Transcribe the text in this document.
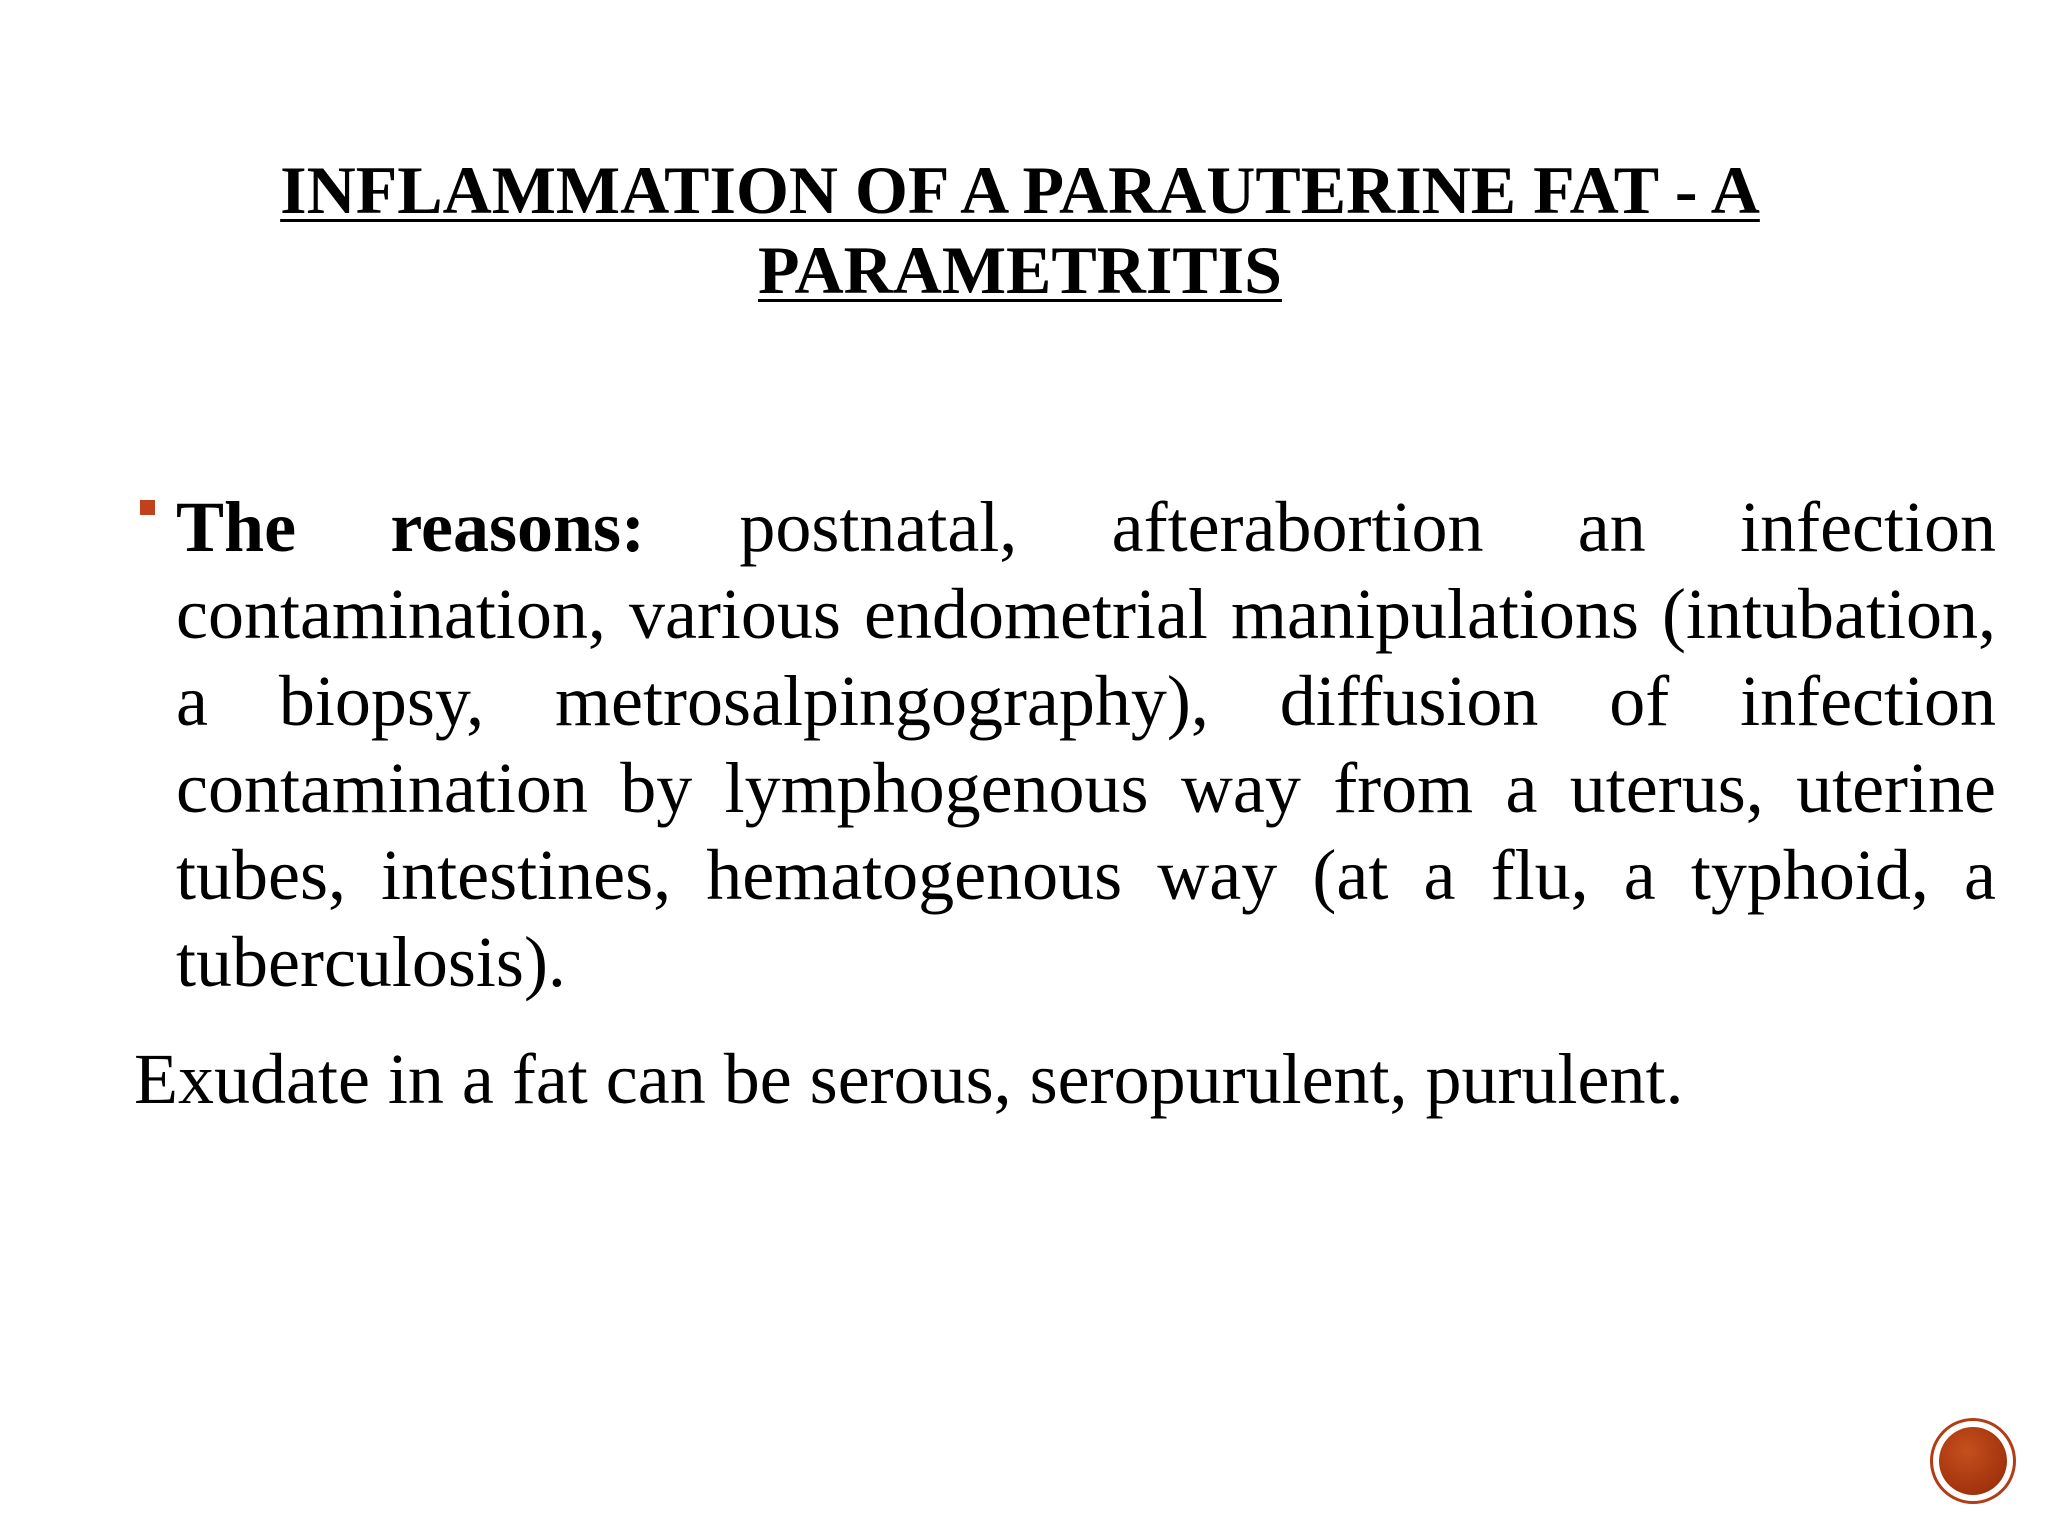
INFLAMMATION OF A PARAUTERINE FAT - A
PARAMETRITIS
The reasons: postnatal, afterabortion an infection contamination, various endometrial manipulations (intubation, a biopsy, metrosalpingography), diffusion of infection contamination by lymphogenous way from a uterus, uterine tubes, intestines, hematogenous way (at a flu, a typhoid, a tuberculosis).
Exudate in a fat can be serous, seropurulent, purulent.
